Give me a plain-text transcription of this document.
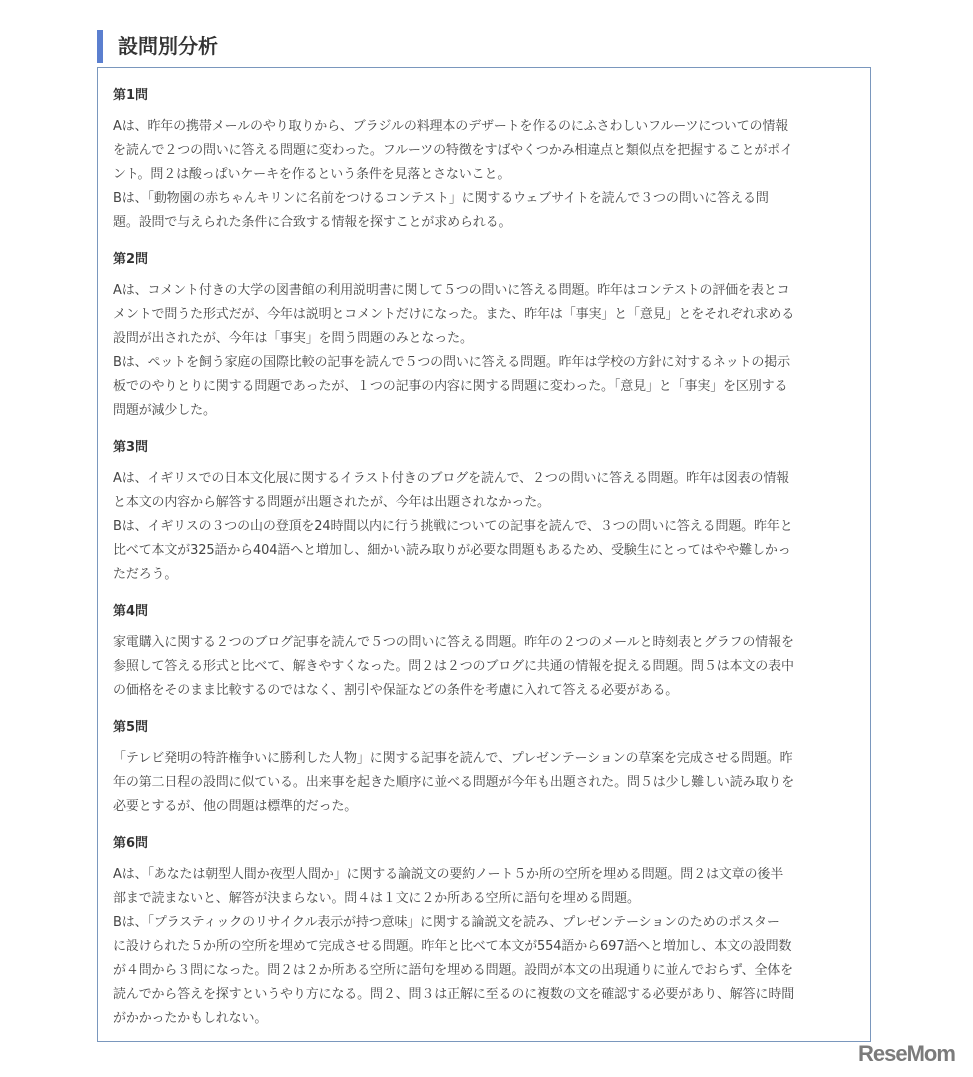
設問別分析
第1問
Aは、昨年の携帯メールのやり取りから、ブラジルの料理本のデザートを作るのにふさわしいフルーツについての情報
を読んで２つの問いに答える問題に変わった。フルーツの特徴をすばやくつかみ相違点と類似点を把握することがポイ
ント。問２は酸っぱいケーキを作るという条件を見落とさないこと。
Bは、「動物園の赤ちゃんキリンに名前をつけるコンテスト」に関するウェブサイトを読んで３つの問いに答える問
題。設問で与えられた条件に合致する情報を探すことが求められる。
第2問
Aは、コメント付きの大学の図書館の利用説明書に関して５つの問いに答える問題。昨年はコンテストの評価を表とコ
メントで問うた形式だが、今年は説明とコメントだけになった。また、昨年は「事実」と「意見」とをそれぞれ求める
設問が出されたが、今年は「事実」を問う問題のみとなった。
Bは、ペットを飼う家庭の国際比較の記事を読んで５つの問いに答える問題。昨年は学校の方針に対するネットの掲示
板でのやりとりに関する問題であったが、１つの記事の内容に関する問題に変わった。「意見」と「事実」を区別する
問題が減少した。
第3問
Aは、イギリスでの日本文化展に関するイラスト付きのブログを読んで、２つの問いに答える問題。昨年は図表の情報
と本文の内容から解答する問題が出題されたが、今年は出題されなかった。
Bは、イギリスの３つの山の登頂を24時間以内に行う挑戦についての記事を読んで、３つの問いに答える問題。昨年と
比べて本文が325語から404語へと増加し、細かい読み取りが必要な問題もあるため、受験生にとってはやや難しかっ
ただろう。
第4問
家電購入に関する２つのブログ記事を読んで５つの問いに答える問題。昨年の２つのメールと時刻表とグラフの情報を
参照して答える形式と比べて、解きやすくなった。問２は２つのブログに共通の情報を捉える問題。問５は本文の表中
の価格をそのまま比較するのではなく、割引や保証などの条件を考慮に入れて答える必要がある。
第5問
「テレビ発明の特許権争いに勝利した人物」に関する記事を読んで、プレゼンテーションの草案を完成させる問題。昨
年の第二日程の設問に似ている。出来事を起きた順序に並べる問題が今年も出題された。問５は少し難しい読み取りを
必要とするが、他の問題は標準的だった。
第6問
Aは、「あなたは朝型人間か夜型人間か」に関する論説文の要約ノート５か所の空所を埋める問題。問２は文章の後半
部まで読まないと、解答が決まらない。問４は１文に２か所ある空所に語句を埋める問題。
Bは、「プラスティックのリサイクル表示が持つ意味」に関する論説文を読み、プレゼンテーションのためのポスター
に設けられた５か所の空所を埋めて完成させる問題。昨年と比べて本文が554語から697語へと増加し、本文の設問数
が４問から３問になった。問２は２か所ある空所に語句を埋める問題。設問が本文の出現通りに並んでおらず、全体を
読んでから答えを探すというやり方になる。問２、問３は正解に至るのに複数の文を確認する必要があり、解答に時間
がかかったかもしれない。
ReseMom
